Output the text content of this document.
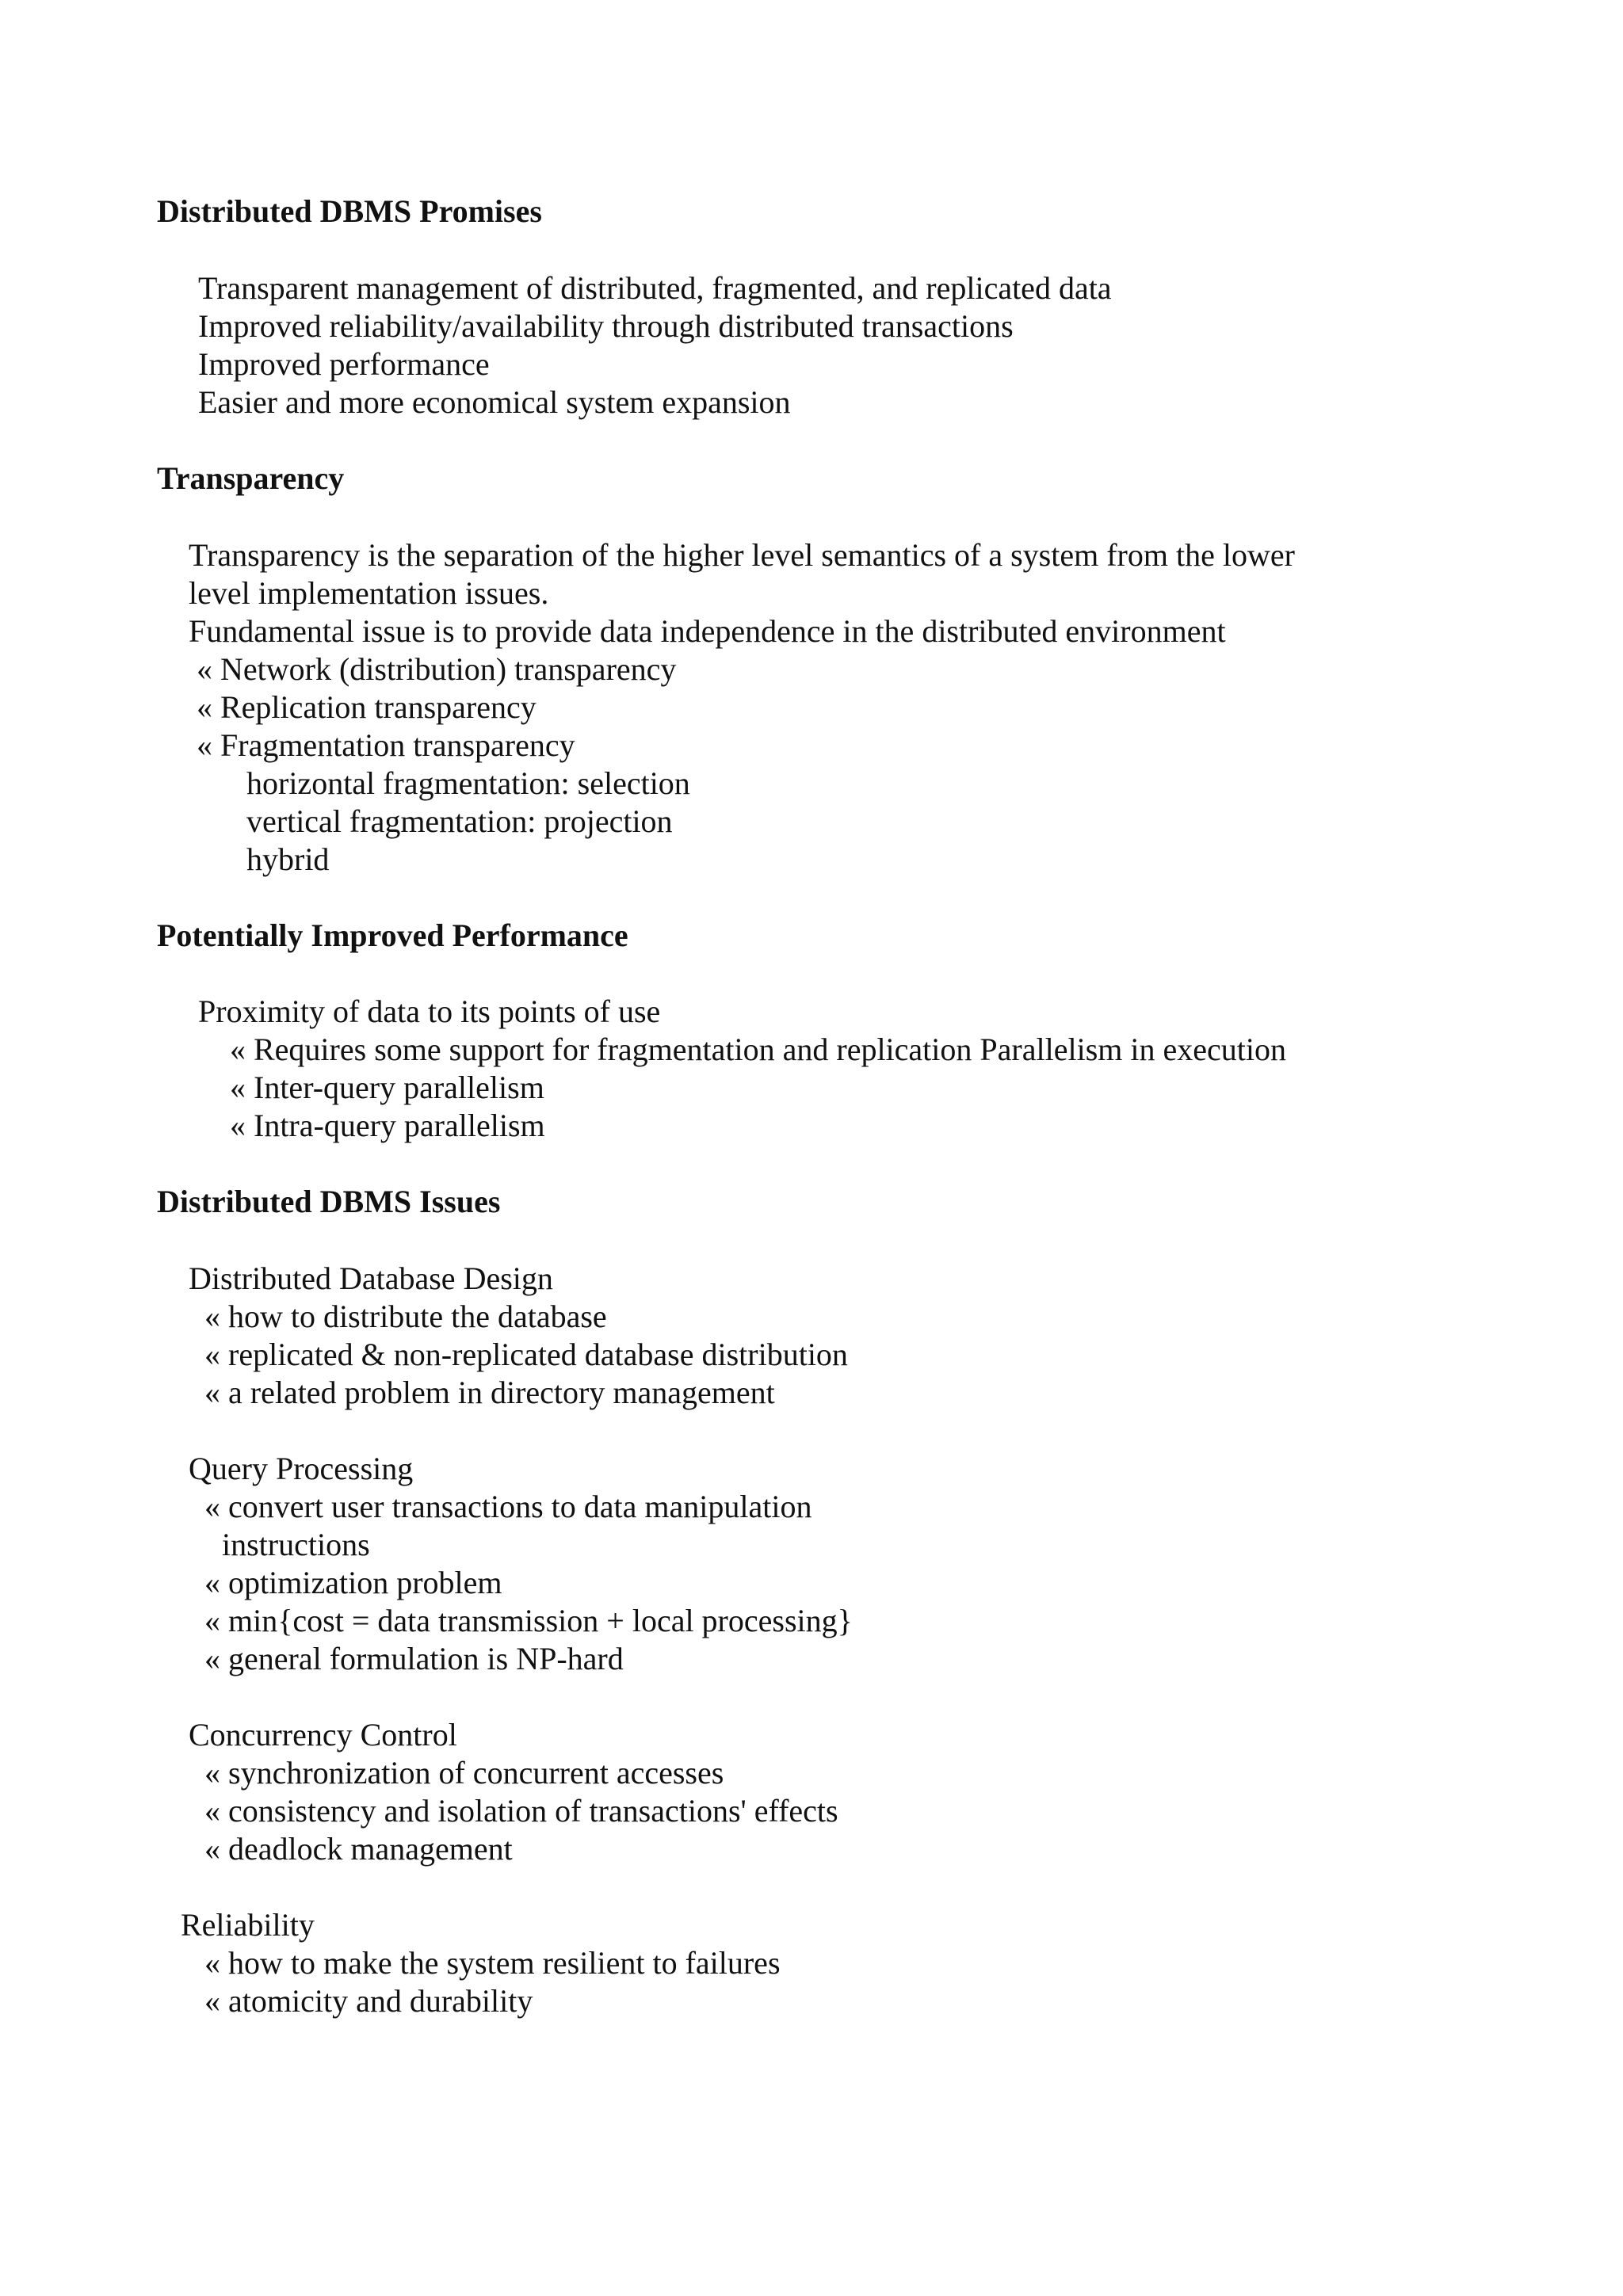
Distributed DBMS Promises
Transparent management of distributed, fragmented, and replicated data
Improved reliability/availability through distributed transactions
Improved performance
Easier and more economical system expansion
Transparency
Transparency is the separation of the higher level semantics of a system from the lower
level implementation issues.
Fundamental issue is to provide data independence in the distributed environment
« Network (distribution) transparency
« Replication transparency
« Fragmentation transparency
horizontal fragmentation: selection
vertical fragmentation: projection
hybrid
Potentially Improved Performance
Proximity of data to its points of use
« Requires some support for fragmentation and replication Parallelism in execution
« Inter-query parallelism
« Intra-query parallelism
Distributed DBMS Issues
Distributed Database Design
« how to distribute the database
« replicated & non-replicated database distribution
« a related problem in directory management
Query Processing
« convert user transactions to data manipulation
instructions
« optimization problem
« min{cost = data transmission + local processing}
« general formulation is NP-hard
Concurrency Control
« synchronization of concurrent accesses
« consistency and isolation of transactions' effects
« deadlock management
Reliability
« how to make the system resilient to failures
« atomicity and durability
